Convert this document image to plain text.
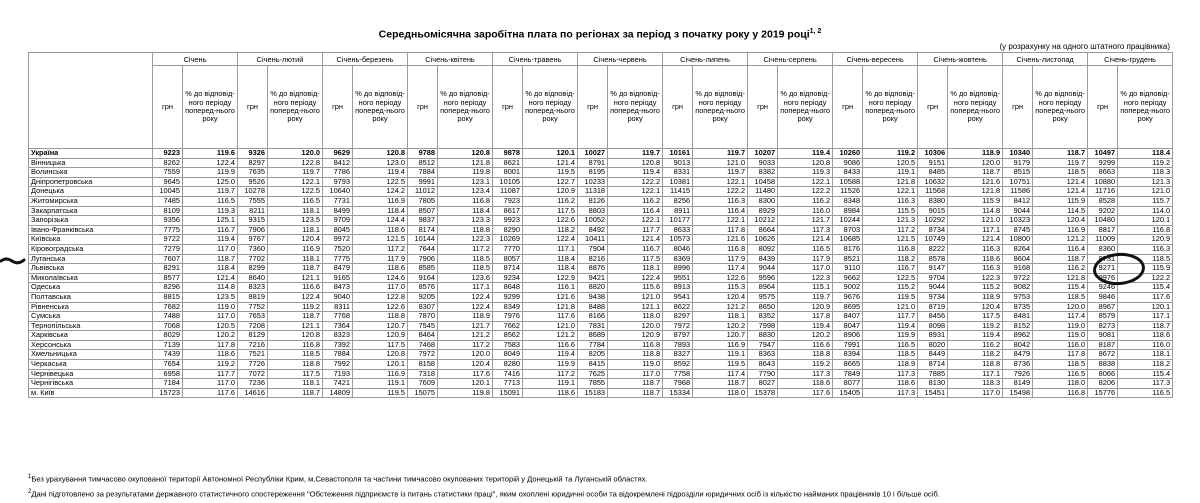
Середньомісячна заробітна плата по регіонах за період з початку року у 2019 році$^{1, 2}$
(у розрахунку на одного штатного працівника)
	Січень		Січень-лютий		Січень-березень		Січень-квітень		Січень-травень		Січень-червень		Січень-липень		Січень-серпень		Січень-вересень		Січень-жовтень		Січень-листопад		Січень-грудень	
	грн	% до відповід-ного періоду поперед-нього року	грн	% до відповід-ного періоду поперед-нього року	грн	% до відповід-ного періоду поперед-нього року	грн	% до відповід-ного періоду поперед-нього року	грн	% до відповід-ного періоду поперед-нього року	грн	% до відповід-ного періоду поперед-нього року	грн	% до відповід-ного періоду поперед-нього року	грн	% до відповід-ного періоду поперед-нього року	грн	% до відповід-ного періоду поперед-нього року	грн	% до відповід-ного періоду поперед-нього року	грн	% до відповід-ного періоду поперед-нього року	грн	% до відповід-ного періоду поперед-нього року
Україна	9223	119.6	9326	120.0	9629	120.8	9788	120.8	9878	120.1	10027	119.7	10161	119.7	10207	119.4	10260	119.2	10306	118.9	10340	118.7	10497	118.4
Вінницька	8262	122.4	8297	122.8	8412	123.0	8512	121.8	8621	121.4	8791	120.8	9013	121.0	9033	120.8	9086	120.5	9151	120.0	9179	119.7	9299	119.2
Волинська	7559	119.9	7635	119.7	7786	119.4	7884	119.8	8001	119.5	8195	119.4	8331	119.7	8382	119.3	8433	119.1	8485	118.7	8515	118.5	8663	118.3
Дніпропетровська	9645	125.0	9526	122.1	9793	122.5	9991	123.1	10105	122.7	10233	122.2	10381	122.1	10458	122.1	10588	121.8	10632	121.6	10751	121.4	10880	121.3
Донецька	10045	119.7	10278	122.5	10640	124.2	11012	123.4	11087	120.9	11318	122.1	11415	122.2	11480	122.2	11526	122.1	11568	121.8	11586	121.4	11716	121.0
Житомирська	7485	116.5	7555	116.5	7731	116.9	7805	116.8	7923	116.2	8126	116.2	8256	116.3	8300	116.2	8348	116.3	8380	115.9	8412	115.9	8528	115.7
Закарпатська	8109	119.3	8211	118.1	8499	118.4	8507	118.4	8617	117.5	8803	116.4	8911	116.4	8929	116.0	8984	115.5	9015	114.8	9044	114.5	9202	114.0
Запорізька	9356	125.1	9315	123.5	9709	124.4	9837	123.3	9923	122.6	10052	122.1	10177	122.1	10212	121.7	10244	121.3	10292	121.0	10323	120.4	10480	120.1
Івано-Франківська	7775	116.7	7906	118.1	8045	118.6	8174	118.8	8290	118.2	8492	117.7	8633	117.8	8664	117.3	8703	117.2	8734	117.1	8745	116.9	8817	116.8
Київська	9722	119.4	9767	120.4	9972	121.5	10144	122.3	10269	122.4	10411	121.4	10573	121.6	10626	121.4	10685	121.5	10749	121.4	10800	121.2	11009	120.9
Кіровоградська	7279	117.0	7360	116.9	7520	117.2	7644	117.2	7770	117.1	7904	116.7	8046	116.8	8092	116.5	8176	116.8	8222	116.3	8264	116.4	8360	116.3
Луганська	7607	118.7	7702	118.1	7775	117.9	7906	118.5	8057	118.4	8216	117.5	8369	117.9	8439	117.9	8521	118.2	8578	118.6	8604	118.7	8731	118.5
Львівська	8291	118.4	8299	118.7	8479	118.6	8585	118.5	8714	118.4	8876	118.1	8996	117.4	9044	117.0	9110	116.7	9147	116.3	9168	116.2	9271	115.9
Миколаївська	8577	121.4	8640	121.1	9165	124.6	9164	123.6	9234	122.9	9421	122.4	9551	122.6	9596	122.3	9662	122.5	9704	122.3	9722	121.8	9976	122.2
Одеська	8296	114.8	8323	116.6	8473	117.0	8576	117.1	8648	116.1	8820	115.6	8913	115.3	8964	115.1	9002	115.2	9044	115.2	9082	115.4	9246	115.4
Полтавська	8815	123.5	8819	122.4	9040	122.8	9205	122.4	9299	121.6	9438	121.0	9541	120.4	9575	119.7	9676	119.5	9734	118.9	9753	118.5	9846	117.6
Рівненська	7682	119.0	7752	119.2	8311	122.6	8307	122.4	8349	121.8	8488	121.1	8622	121.2	8650	120.9	8695	121.0	8719	120.4	8735	120.0	8967	120.1
Сумська	7488	117.0	7653	118.7	7768	118.8	7870	118.9	7976	117.6	8166	118.0	8297	118.1	8352	117.8	8407	117.7	8456	117.5	8481	117.4	8579	117.1
Тернопільська	7068	120.5	7208	121.1	7364	120.7	7545	121.7	7662	121.0	7831	120.0	7972	120.2	7998	119.4	8047	119.4	8098	119.2	8152	119.0	8273	118.7
Харківська	8029	120.2	8129	120.8	8323	120.9	8464	121.2	8562	121.2	8689	120.9	8797	120.7	8830	120.2	8906	119.9	8931	119.4	8962	119.0	9081	118.6
Херсонська	7139	117.8	7216	116.8	7392	117.5	7468	117.2	7583	116.6	7784	116.8	7893	116.9	7947	116.6	7991	116.5	8020	116.2	8042	116.0	8187	116.0
Хмельницька	7439	118.6	7521	118.5	7884	120.8	7972	120.0	8049	119.4	8205	118.8	8327	119.1	8363	118.8	8394	118.5	8449	118.2	8479	117.8	8672	118.1
Черкаська	7654	119.2	7726	118.8	7992	120.1	8158	120.4	8280	119.9	8415	119.0	8592	119.5	8643	119.2	8665	118.9	8714	118.8	8736	118.5	8838	118.2
Чернівецька	6958	117.7	7072	117.5	7193	116.9	7318	117.6	7416	117.2	7625	117.0	7758	117.4	7790	117.3	7849	117.3	7885	117.1	7926	116.5	8066	115.4
Чернігівська	7184	117.0	7236	118.1	7421	119.1	7609	120.1	7713	119.1	7855	118.7	7968	118.7	8027	118.6	8077	118.6	8130	118.3	8149	118.0	8206	117.3
м. Київ	15723	117.6	14616	118.7	14809	119.5	15075	119.8	15091	118.6	15183	118.7	15334	118.0	15378	117.6	15405	117.3	15451	117.0	15498	116.8	15776	116.5
$^1$Без урахування тимчасово окупованої території Автономної Республіки Крим, м.Севастополя та частини тимчасово окупованих територій у Донецькій та Луганській областях.
$^2$Дані підготовлено за результатами державного статистичного спостереження "Обстеження підприємств із питань статистики праці", яким охоплені юридичні особи та відокремлені підрозділи юридичних осіб із кількістю найманих працівників 10 і більше осіб.
